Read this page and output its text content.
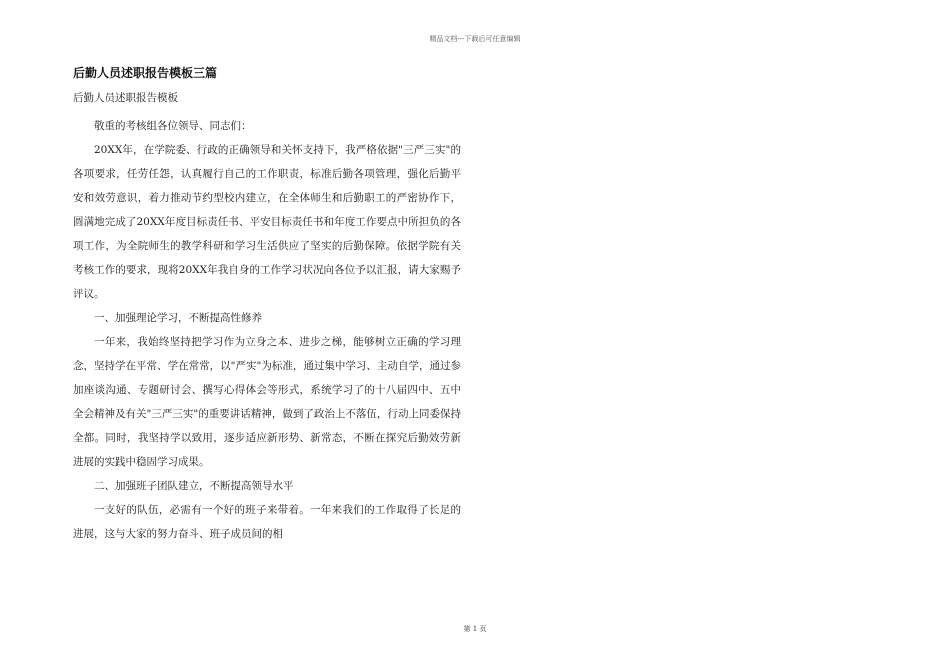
精品文档---下载后可任意编辑
后勤人员述职报告模板三篇
后勤人员述职报告模板

敬重的考核组各位领导、同志们：

20XX年，在学院委、行政的正确领导和关怀支持下，我严格依据"三严三实"的各项要求，任劳任怨，认真履行自己的工作职责，标准后勤各项管理，强化后勤平安和效劳意识，着力推动节约型校内建立，在全体师生和后勤职工的严密协作下，圆满地完成了20XX年度目标责任书、平安目标责任书和年度工作要点中所担负的各项工作，为全院师生的教学科研和学习生活供应了坚实的后勤保障。依据学院有关考核工作的要求，现将20XX年我自身的工作学习状况向各位予以汇报，请大家赐予评议。

一、加强理论学习，不断提高性修养

一年来，我始终坚持把学习作为立身之本、进步之梯，能够树立正确的学习理念，坚持学在平常、学在常常，以"严实"为标准，通过集中学习、主动自学，通过参加座谈沟通、专题研讨会、撰写心得体会等形式，系统学习了的十八届四中、五中全会精神及有关"三严三实"的重要讲话精神，做到了政治上不落伍，行动上同委保持全都。同时，我坚持学以致用，逐步适应新形势、新常态，不断在探究后勤效劳新进展的实践中稳固学习成果。

二、加强班子团队建立，不断提高领导水平

一支好的队伍，必需有一个好的班子来带着。一年来我们的工作取得了长足的进展，这与大家的努力奋斗、班子成员间的相

第 1 页
